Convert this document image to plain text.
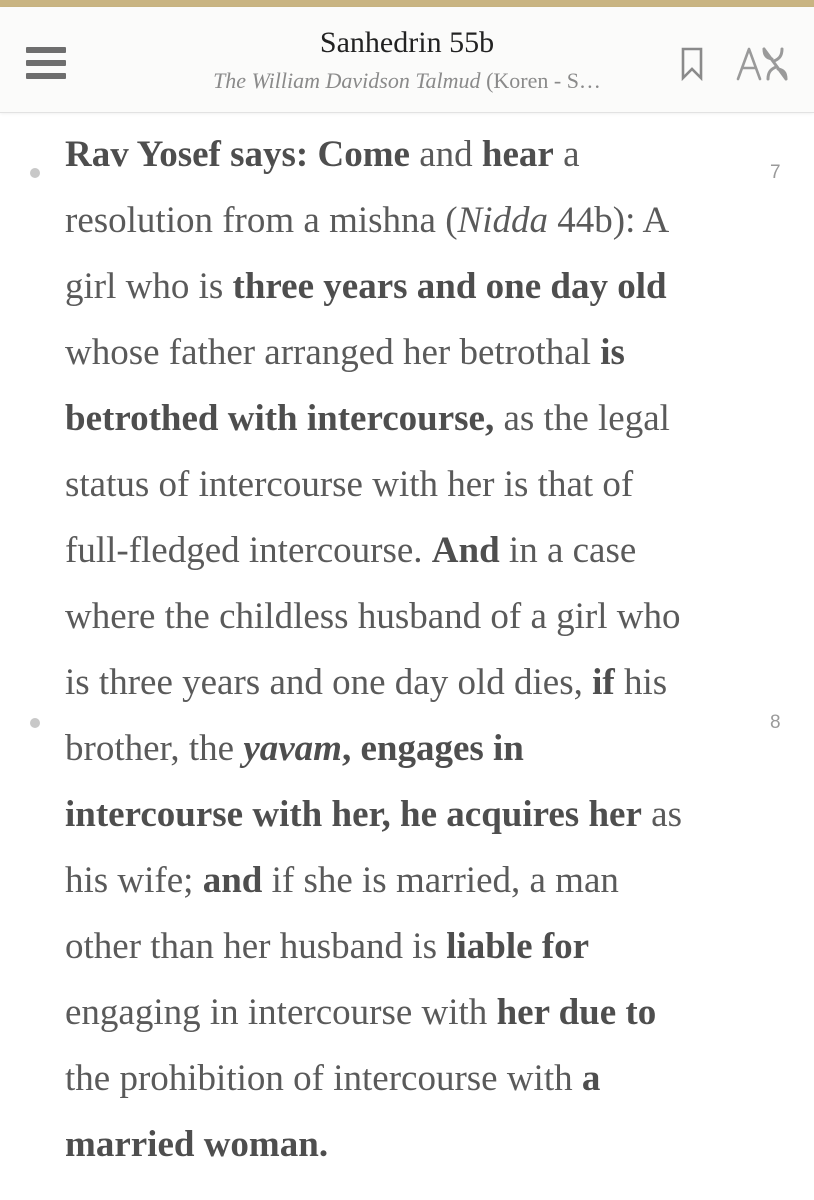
Sanhedrin 55b
The William Davidson Talmud (Koren - S…
7
8
Rav Yosef says: Come and hear a
resolution from a mishna (Nidda 44b): A
girl who is three years and one day old
whose father arranged her betrothal is
betrothed with intercourse, as the legal
status of intercourse with her is that of
full-fledged intercourse. And in a case
where the childless husband of a girl who
is three years and one day old dies, if his
brother, the yavam, engages in
intercourse with her, he acquires her as
his wife; and if she is married, a man
other than her husband is liable for
engaging in intercourse with her due to
the prohibition of intercourse with a
married woman.
